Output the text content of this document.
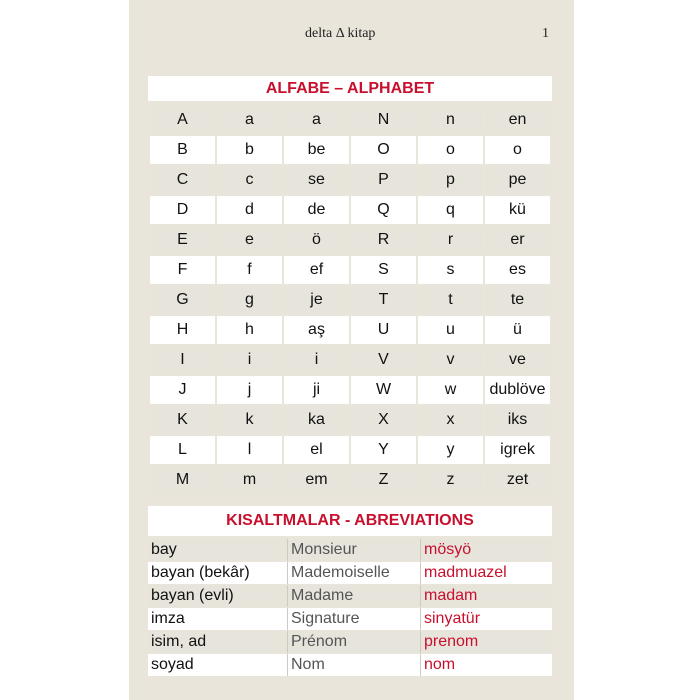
delta Δ kitap	1
ALFABE – ALPHABET
A	a	a	N	n	en
B	b	be	O	o	o
C	c	se	P	p	pe
D	d	de	Q	q	kü
E	e	ö	R	r	er
F	f	ef	S	s	es
G	g	je	T	t	te
H	h	aş	U	u	ü
I	i	i	V	v	ve
J	j	ji	W	w	dublöve
K	k	ka	X	x	iks
L	l	el	Y	y	igrek
M	m	em	Z	z	zet
KISALTMALAR - ABREVIATIONS
bay	Monsieur	mösyö
bayan (bekâr)	Mademoiselle	madmuazel
bayan (evli)	Madame	madam
imza	Signature	sinyatür
isim, ad	Prénom	prenom
soyad	Nom	nom
